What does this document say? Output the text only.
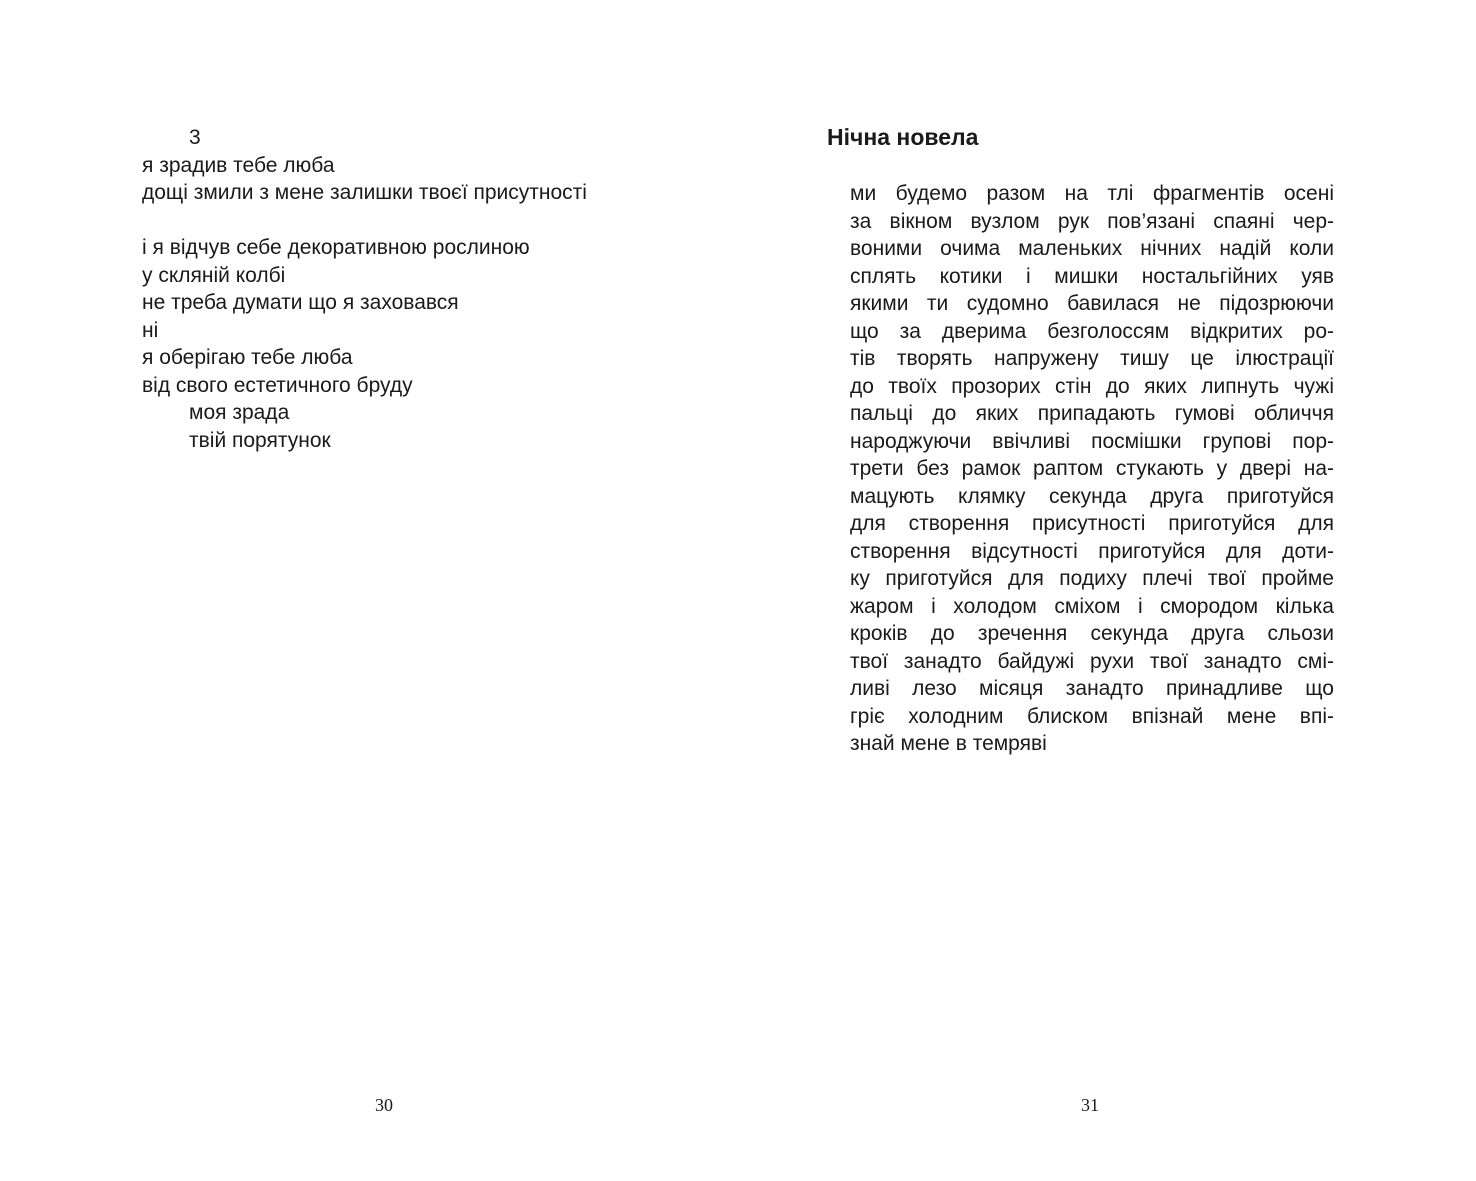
3
я зрадив тебе люба
дощі змили з мене залишки твоєї присутності
і я відчув себе декоративною рослиною
у скляній колбі
не треба думати що я заховався
ні
я оберігаю тебе люба
від свого естетичного бруду
моя зрада
твій порятунок
30
Нічна новела
ми будемо разом на тлі фрагментів осені
за вікном вузлом рук пов’язані спаяні чер-
воними очима маленьких нічних надій коли
сплять котики і мишки ностальгійних уяв
якими ти судомно бавилася не підозрюючи
що за дверима безголоссям відкритих ро-
тів творять напружену тишу це ілюстрації
до твоїх прозорих стін до яких липнуть чужі
пальці до яких припадають гумові обличчя
народжуючи ввічливі посмішки групові пор-
трети без рамок раптом стукають у двері на-
мацують клямку секунда друга приготуйся
для створення присутності приготуйся для
створення відсутності приготуйся для доти-
ку приготуйся для подиху плечі твої пройме
жаром і холодом сміхом і смородом кілька
кроків до зречення секунда друга сльози
твої занадто байдужі рухи твої занадто смі-
ливі лезо місяця занадто принадливе що
гріє холодним блиском впізнай мене впі-
знай мене в темряві
31
